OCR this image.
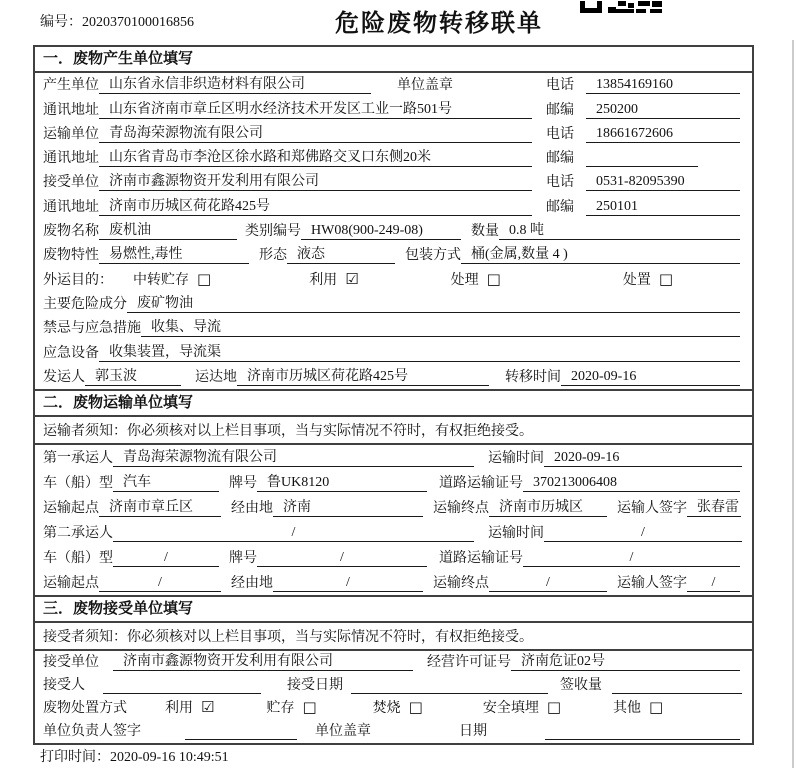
编号：2020370100016856	危险废物转移联单
一．废物产生单位填写
产生单位 山东省永信非织造材料有限公司	单位盖章	电话	13854169160
通讯地址 山东省济南市章丘区明水经济技术开发区工业一路501号	邮编	250200
运输单位 青岛海荣源物流有限公司	电话	18661672606
通讯地址 山东省青岛市李沧区徐水路和郑佛路交叉口东侧20米	邮编
接受单位 济南市鑫源物资开发利用有限公司	电话	0531-82095390
通讯地址 济南市历城区荷花路425号	邮编	250101
废物名称 废机油	类别编号 HW08(900-249-08)	数量 0.8 吨
废物特性 易燃性,毒性	形态 液态	包装方式 桶(金属,数量 4 )
外运目的： 中转贮存 □	利用 ☑	处理 □	处置 □
主要危险成分 废矿物油
禁忌与应急措施 收集、导流
应急设备 收集装置，导流渠
发运人 郭玉波	运达地 济南市历城区荷花路425号	转移时间 2020-09-16
二．废物运输单位填写
运输者须知：你必须核对以上栏目事项，当与实际情况不符时，有权拒绝接受。
第一承运人 青岛海荣源物流有限公司	运输时间 2020-09-16
车（船）型 汽车	牌号 鲁UK8120	道路运输证号 370213006408
运输起点 济南市章丘区	经由地 济南	运输终点 济南市历城区	运输人签字 张春雷
第二承运人	/	运输时间	/
车（船）型	/	牌号	/	道路运输证号	/
运输起点	/	经由地	/	运输终点	/	运输人签字	/
三．废物接受单位填写
接受者须知：你必须核对以上栏目事项，当与实际情况不符时，有权拒绝接受。
接受单位	济南市鑫源物资开发利用有限公司	经营许可证号 济南危证02号
接受人	接受日期	签收量
废物处置方式	利用 ☑	贮存 □	焚烧 □	安全填埋 □	其他 □
单位负责人签字	单位盖章	日期
打印时间：2020-09-16 10:49:51
